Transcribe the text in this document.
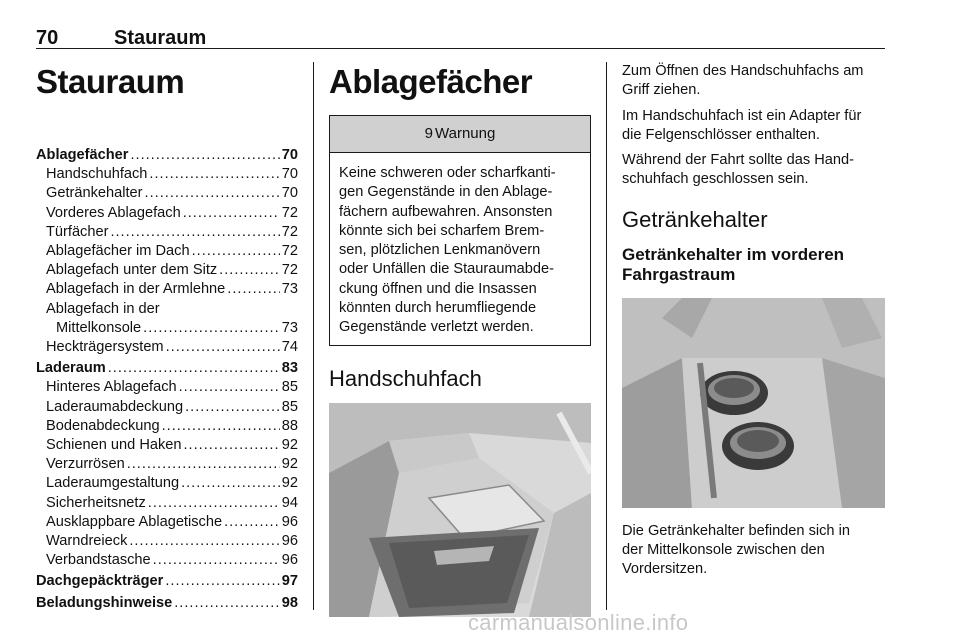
70	Stauraum
Stauraum
Ablagefächer .....	70
Handschuhfach .....	70
Getränkehalter .....	70
Vorderes Ablagefach .....	72
Türfächer .....	72
Ablagefächer im Dach .....	72
Ablagefach unter dem Sitz .....	72
Ablagefach in der Armlehne .....	73
Ablagefach in der
Mittelkonsole .....	73
Heckträgersystem .....	74
Laderaum .....	83
Hinteres Ablagefach .....	85
Laderaumabdeckung .....	85
Bodenabdeckung .....	88
Schienen und Haken .....	92
Verzurrösen .....	92
Laderaumgestaltung .....	92
Sicherheitsnetz .....	94
Ausklappbare Ablagetische .....	96
Warndreieck .....	96
Verbandstasche .....	96
Dachgepäckträger .....	97
Beladungshinweise .....	98
Ablagefächer
9 Warnung
Keine schweren oder scharfkanti-
gen Gegenstände in den Ablage-
fächern aufbewahren. Ansonsten
könnte sich bei scharfem Brem-
sen, plötzlichen Lenkmanövern
oder Unfällen die Stauraumabde-
ckung öffnen und die Insassen
könnten durch herumfliegende
Gegenstände verletzt werden.
Handschuhfach
Zum Öffnen des Handschuhfachs am
Griff ziehen.
Im Handschuhfach ist ein Adapter für
die Felgenschlösser enthalten.
Während der Fahrt sollte das Hand-
schuhfach geschlossen sein.
Getränkehalter
Getränkehalter im vorderen
Fahrgastraum
Die Getränkehalter befinden sich in
der Mittelkonsole zwischen den
Vordersitzen.
carmanualsonline.info
